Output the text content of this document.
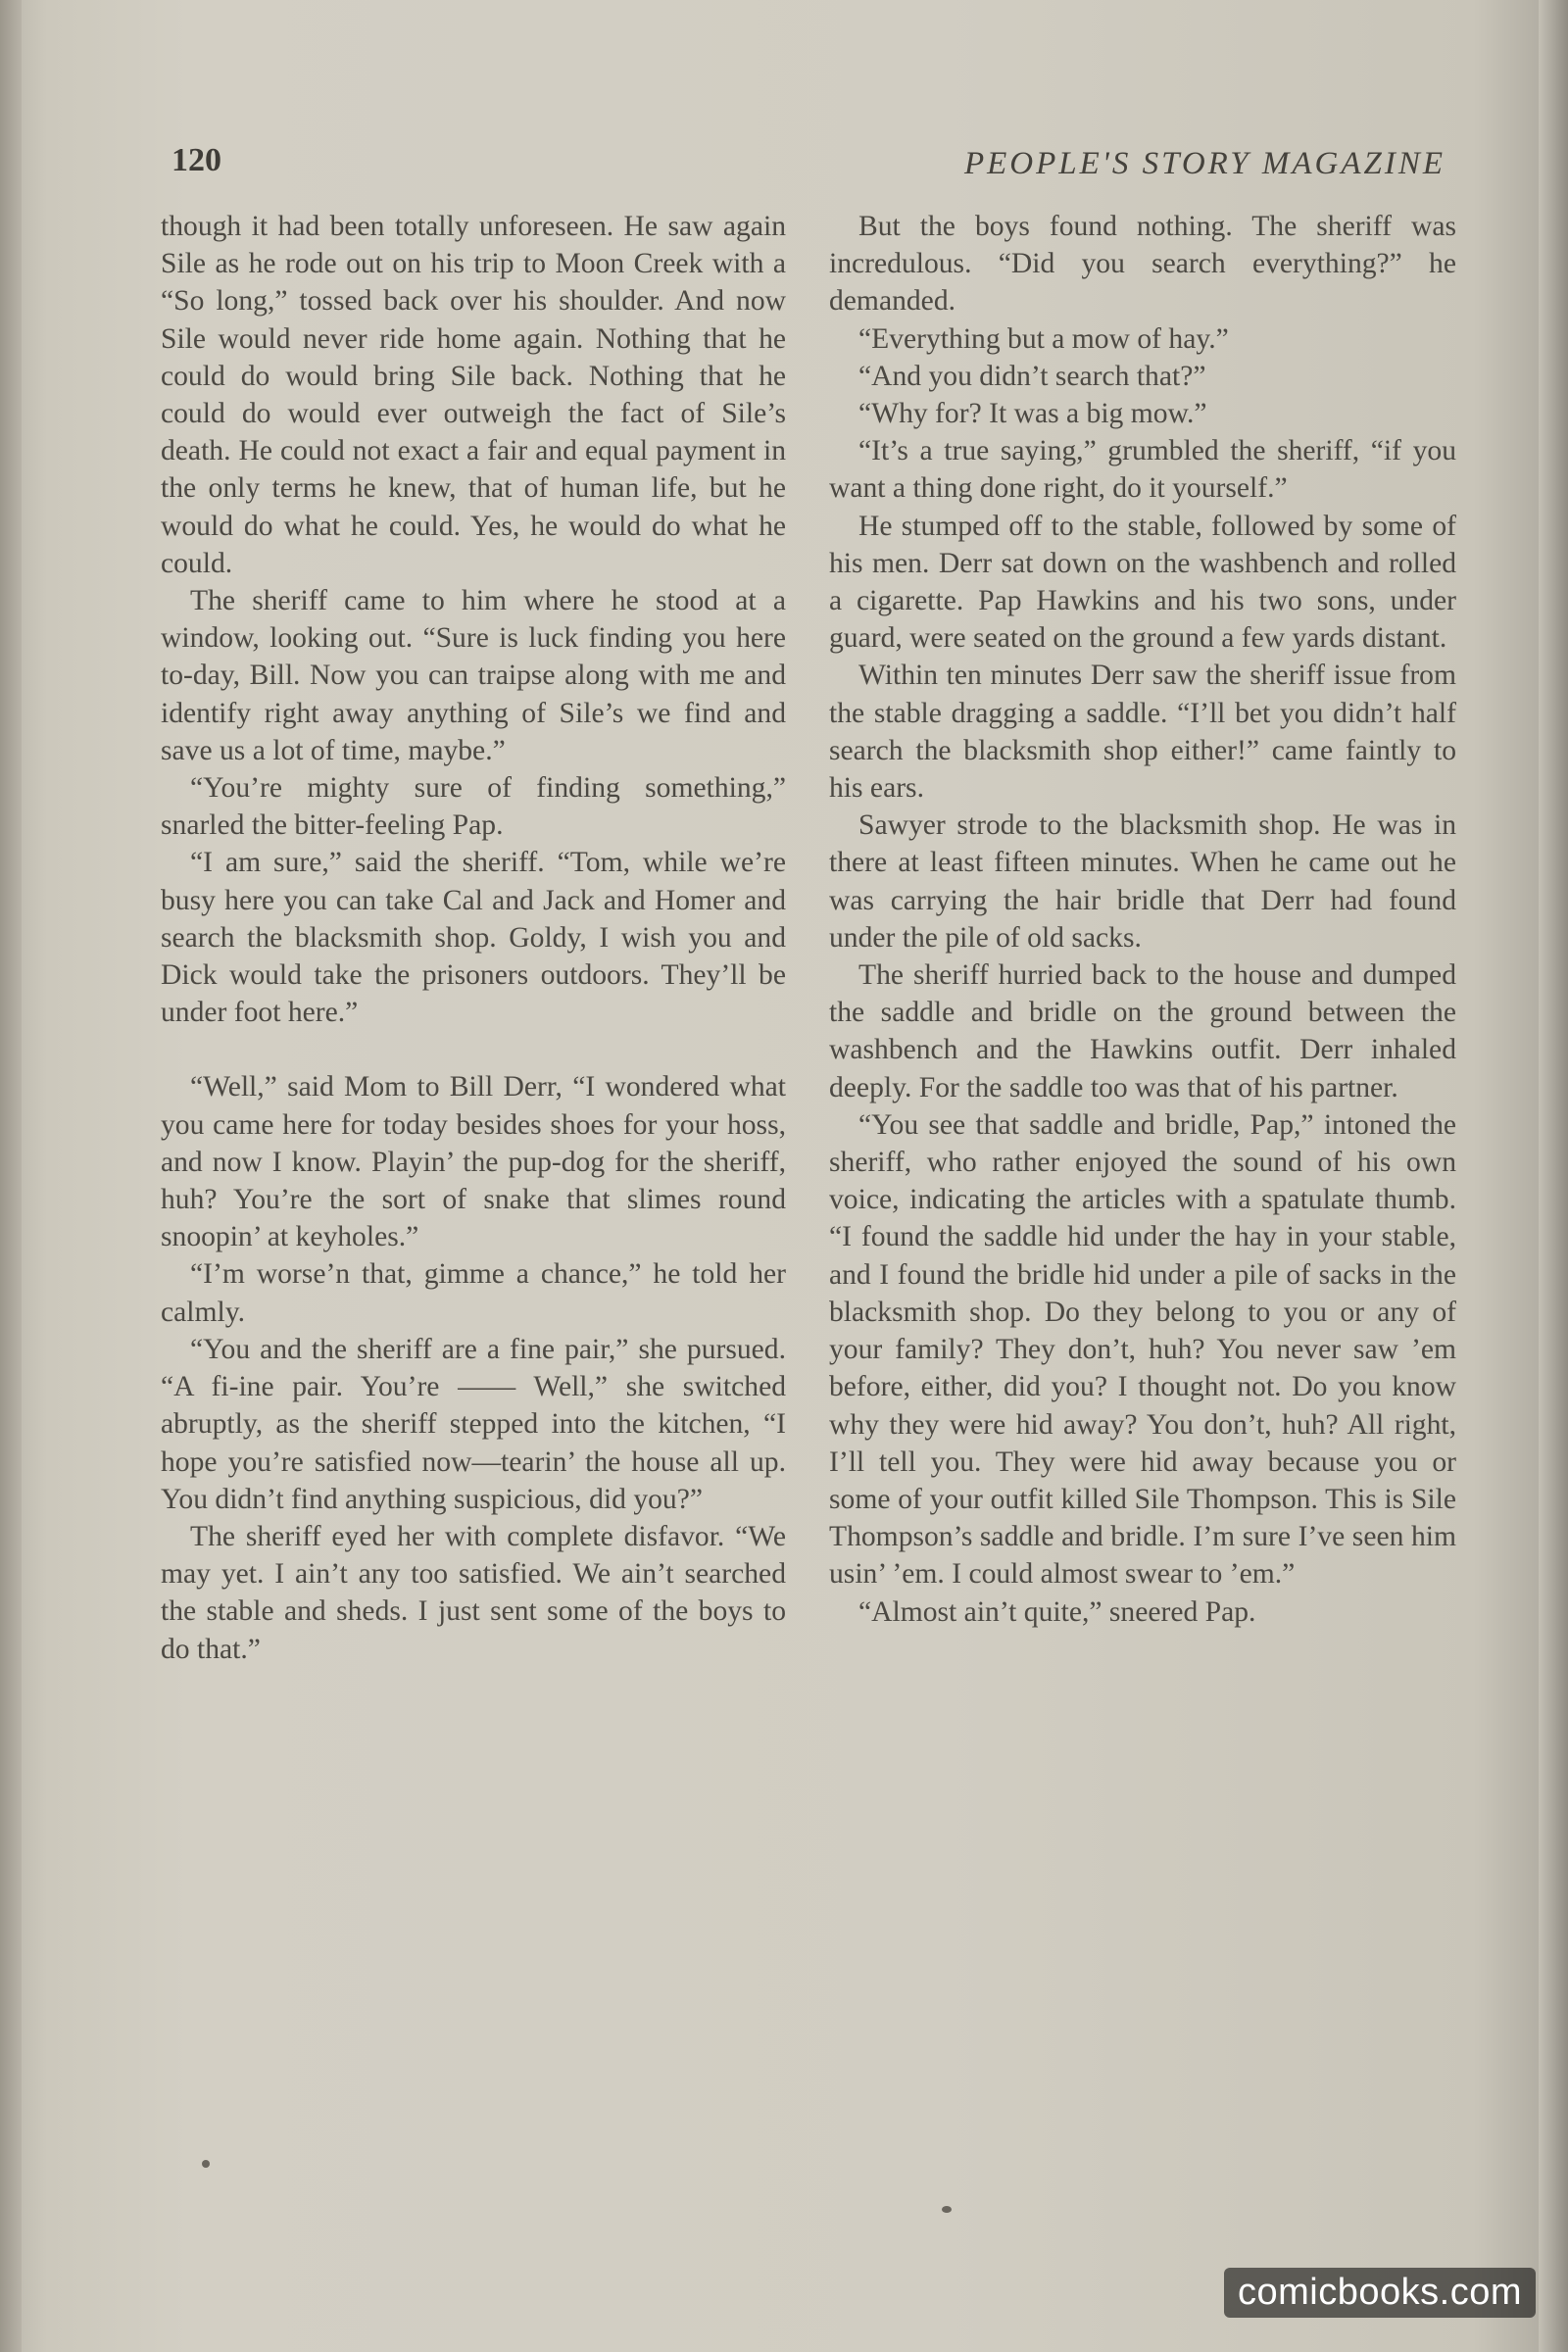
120	PEOPLE'S STORY MAGAZINE

though it had been totally unforeseen. He saw again Sile as he rode out on his trip to Moon Creek with a “So long,” tossed back over his shoulder. And now Sile would never ride home again. Nothing that he could do would bring Sile back. Nothing that he could do would ever outweigh the fact of Sile’s death. He could not exact a fair and equal payment in the only terms he knew, that of human life, but he would do what he could. Yes, he would do what he could.

The sheriff came to him where he stood at a window, looking out. “Sure is luck finding you here to-day, Bill. Now you can traipse along with me and identify right away anything of Sile’s we find and save us a lot of time, maybe.”

“You’re mighty sure of finding something,” snarled the bitter-feeling Pap.

“I am sure,” said the sheriff. “Tom, while we’re busy here you can take Cal and Jack and Homer and search the blacksmith shop. Goldy, I wish you and Dick would take the prisoners outdoors. They’ll be under foot here.”

“Well,” said Mom to Bill Derr, “I wondered what you came here for today besides shoes for your hoss, and now I know. Playin’ the pup-dog for the sheriff, huh? You’re the sort of snake that slimes round snoopin’ at keyholes.”

“I’m worse’n that, gimme a chance,” he told her calmly.

“You and the sheriff are a fine pair,” she pursued. “A fi-ine pair. You’re —— Well,” she switched abruptly, as the sheriff stepped into the kitchen, “I hope you’re satisfied now—tearin’ the house all up. You didn’t find anything suspicious, did you?”

The sheriff eyed her with complete disfavor. “We may yet. I ain’t any too satisfied. We ain’t searched the stable and sheds. I just sent some of the boys to do that.”

But the boys found nothing. The sheriff was incredulous. “Did you search everything?” he demanded.

“Everything but a mow of hay.”

“And you didn’t search that?”

“Why for? It was a big mow.”

“It’s a true saying,” grumbled the sheriff, “if you want a thing done right, do it yourself.”

He stumped off to the stable, followed by some of his men. Derr sat down on the washbench and rolled a cigarette. Pap Hawkins and his two sons, under guard, were seated on the ground a few yards distant.

Within ten minutes Derr saw the sheriff issue from the stable dragging a saddle. “I’ll bet you didn’t half search the blacksmith shop either!” came faintly to his ears.

Sawyer strode to the blacksmith shop. He was in there at least fifteen minutes. When he came out he was carrying the hair bridle that Derr had found under the pile of old sacks.

The sheriff hurried back to the house and dumped the saddle and bridle on the ground between the washbench and the Hawkins outfit. Derr inhaled deeply. For the saddle too was that of his partner.

“You see that saddle and bridle, Pap,” intoned the sheriff, who rather enjoyed the sound of his own voice, indicating the articles with a spatulate thumb. “I found the saddle hid under the hay in your stable, and I found the bridle hid under a pile of sacks in the blacksmith shop. Do they belong to you or any of your family? They don’t, huh? You never saw ’em before, either, did you? I thought not. Do you know why they were hid away? You don’t, huh? All right, I’ll tell you. They were hid away because you or some of your outfit killed Sile Thompson. This is Sile Thompson’s saddle and bridle. I’m sure I’ve seen him usin’ ’em. I could almost swear to ’em.”

“Almost ain’t quite,” sneered Pap.

comicbooks.com
